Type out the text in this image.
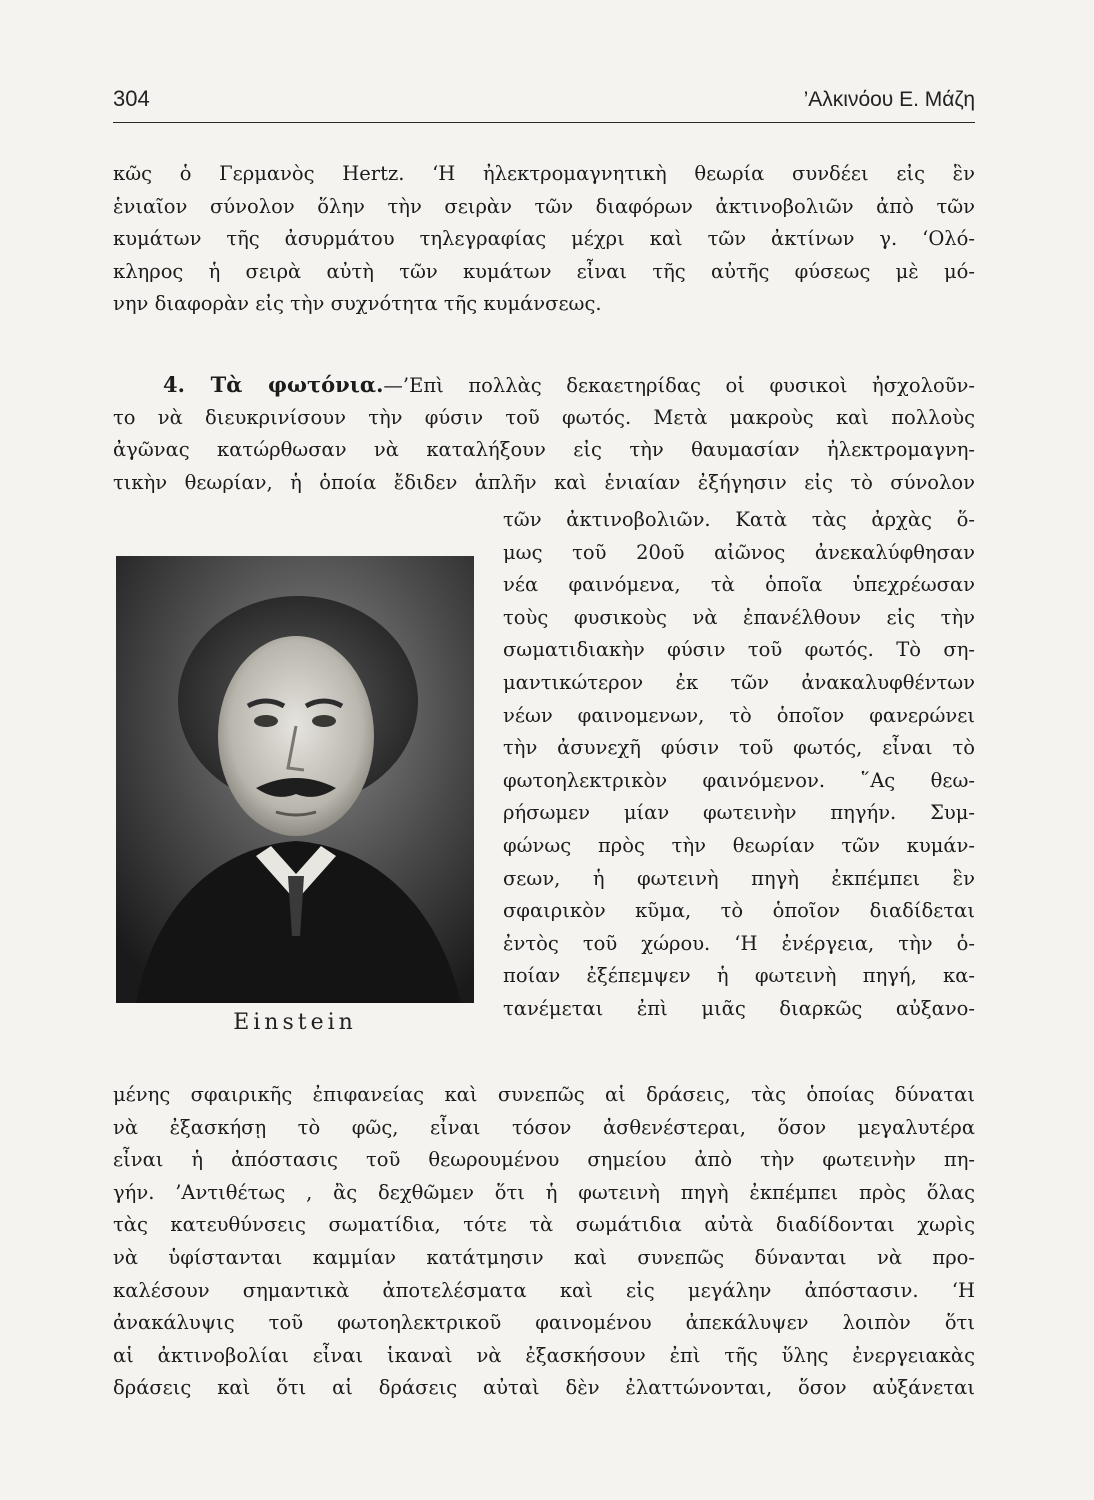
304	’Αλκινόου Ε. Μάζη
κῶς ὁ Γερμανὸς Hertz. ‘Η ἠλεκτρομαγνητικὴ θεωρία συνδέει εἰς ἓν
ἑνιαῖον σύνολον ὅλην τὴν σειρὰν τῶν διαφόρων ἀκτινοβολιῶν ἀπὸ τῶν
κυμάτων τῆς ἀσυρμάτου τηλεγραφίας μέχρι καὶ τῶν ἀκτίνων γ. ‘Ολό-
κληρος ἡ σειρὰ αὐτὴ τῶν κυμάτων εἶναι τῆς αὐτῆς φύσεως μὲ μό-
νην διαφορὰν εἰς τὴν συχνότητα τῆς κυμάνσεως.
4. Τὰ φωτόνια.—’Επὶ πολλὰς δεκαετηρίδας οἱ φυσικοὶ ἠσχολοῦν-
το νὰ διευκρινίσουν τὴν φύσιν τοῦ φωτός. Μετὰ μακροὺς καὶ πολλοὺς
ἀγῶνας κατώρθωσαν νὰ καταλήξουν εἰς τὴν θαυμασίαν ἠλεκτρομαγνη-
τικὴν θεωρίαν, ἡ ὁποία ἔδιδεν ἁπλῆν καὶ ἑνιαίαν ἐξήγησιν εἰς τὸ σύνολον
τῶν ἀκτινοβολιῶν. Κατὰ τὰς ἀρχὰς ὅ-
μως τοῦ 20οῦ αἰῶνος ἀνεκαλύφθησαν
νέα φαινόμενα, τὰ ὁποῖα ὑπεχρέωσαν
τοὺς φυσικοὺς νὰ ἐπανέλθουν εἰς τὴν
σωματιδιακὴν φύσιν τοῦ φωτός. Τὸ ση-
μαντικώτερον ἐκ τῶν ἀνακαλυφθέντων
νέων φαινομενων, τὸ ὁποῖον φανερώνει
τὴν ἀσυνεχῆ φύσιν τοῦ φωτός, εἶναι τὸ
φωτοηλεκτρικὸν φαινόμενον. ῞Ας θεω-
ρήσωμεν μίαν φωτεινὴν πηγήν. Συμ-
φώνως πρὸς τὴν θεωρίαν τῶν κυμάν-
σεων, ἡ φωτεινὴ πηγὴ ἐκπέμπει ἓν
σφαιρικὸν κῦμα, τὸ ὁποῖον διαδίδεται
ἐντὸς τοῦ χώρου. ‘Η ἐνέργεια, τὴν ὁ-
ποίαν ἐξέπεμψεν ἡ φωτεινὴ πηγή, κα-
τανέμεται ἐπὶ μιᾶς διαρκῶς αὐξανο-
Einstein
μένης σφαιρικῆς ἐπιφανείας καὶ συνεπῶς αἱ δράσεις, τὰς ὁποίας δύναται
νὰ ἐξασκήσῃ τὸ φῶς, εἶναι τόσον ἀσθενέστεραι, ὅσον μεγαλυτέρα
εἶναι ἡ ἀπόστασις τοῦ θεωρουμένου σημείου ἀπὸ τὴν φωτεινὴν πη-
γήν. ’Αντιθέτως , ἂς δεχθῶμεν ὅτι ἡ φωτεινὴ πηγὴ ἐκπέμπει πρὸς ὅλας
τὰς κατευθύνσεις σωματίδια, τότε τὰ σωμάτιδια αὐτὰ διαδίδονται χωρὶς
νὰ ὑφίστανται καμμίαν κατάτμησιν καὶ συνεπῶς δύνανται νὰ προ-
καλέσουν σημαντικὰ ἀποτελέσματα καὶ εἰς μεγάλην ἀπόστασιν. ‘Η
ἀνακάλυψις τοῦ φωτοηλεκτρικοῦ φαινομένου ἀπεκάλυψεν λοιπὸν ὅτι
αἱ ἀκτινοβολίαι εἶναι ἱκαναὶ νὰ ἐξασκήσουν ἐπὶ τῆς ὕλης ἐνεργειακὰς
δράσεις καὶ ὅτι αἱ δράσεις αὐταὶ δὲν ἐλαττώνονται, ὅσον αὐξάνεται
